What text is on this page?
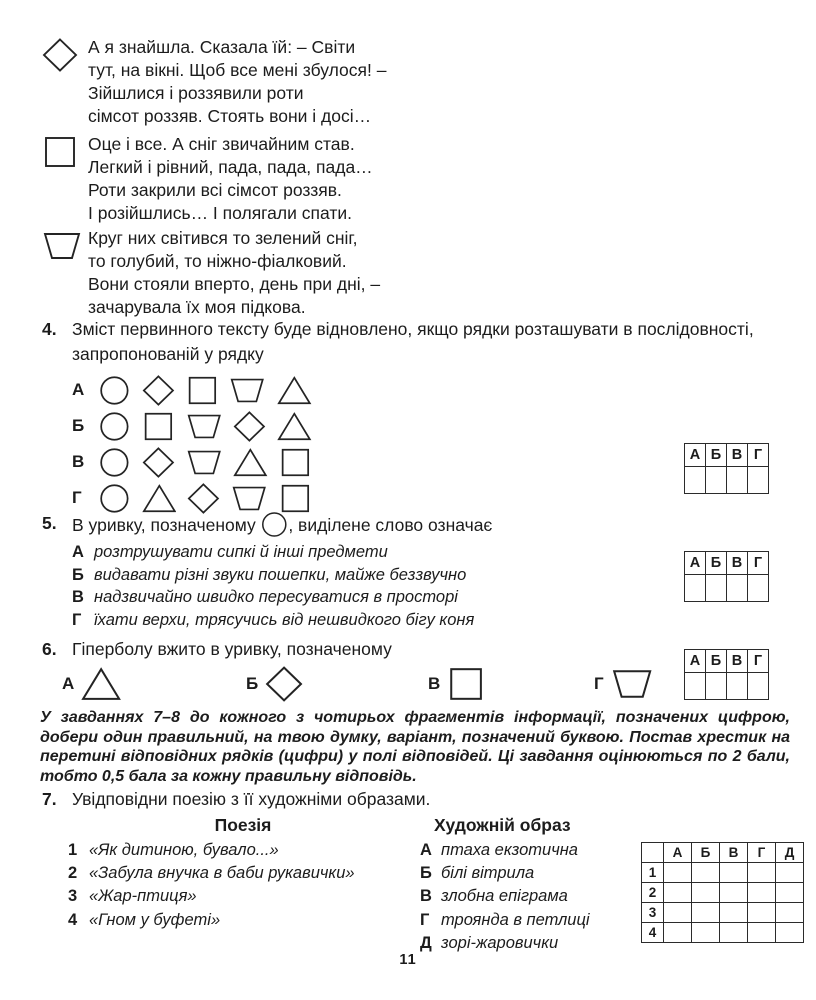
А я знайшла. Сказала їй: – Світи
тут, на вікні. Щоб все мені збулося! –
Зійшлися і роззявили роти
сімсот роззяв. Стоять вони і досі…
Оце і все. А сніг звичайним став.
Легкий і рівний, пада, пада, пада…
Роти закрили всі сімсот роззяв.
І розійшлись… І полягали спати.
Круг них світився то зелений сніг,
то голубий, то ніжно-фіалковий.
Вони стояли вперто, день при дні, –
зачарувала їх моя підкова.
4. Зміст первинного тексту буде відновлено, якщо рядки розташувати в послідовності, запропонованій у рядку
А
Б
В
Г
5. В уривку, позначеному , виділене слово означає
А розтрушувати сипкі й інші предмети
Б видавати різні звуки пошепки, майже беззвучно
В надзвичайно швидко пересуватися в просторі
Г їхати верхи, трясучись від нешвидкого бігу коня
6. Гіперболу вжито в уривку, позначеному
А	Б	В	Г
У завданнях 7–8 до кожного з чотирьох фрагментів інформації, позначених цифрою, добери один правильний, на твою думку, варіант, позначений буквою. Постав хрестик на перетині відповідних рядків (цифри) у полі відповідей. Ці завдання оцінюються по 2 бали, тобто 0,5 бала за кожну правильну відповідь.
7. Увідповідни поезію з її художніми образами.
Поезія	Художній образ
1 «Як дитиною, бувало...»
2 «Забула внучка в баби рукавички»
3 «Жар-птиця»
4 «Гном у буфеті»
А птаха екзотична
Б білі вітрила
В злобна епіграма
Г троянда в петлиці
Д зорі-жаровички
А	Б	В	Г

А	Б	В	Г

А	Б	В	Г

	А	Б	В	Г	Д
1					
2					
3					
4					
11
